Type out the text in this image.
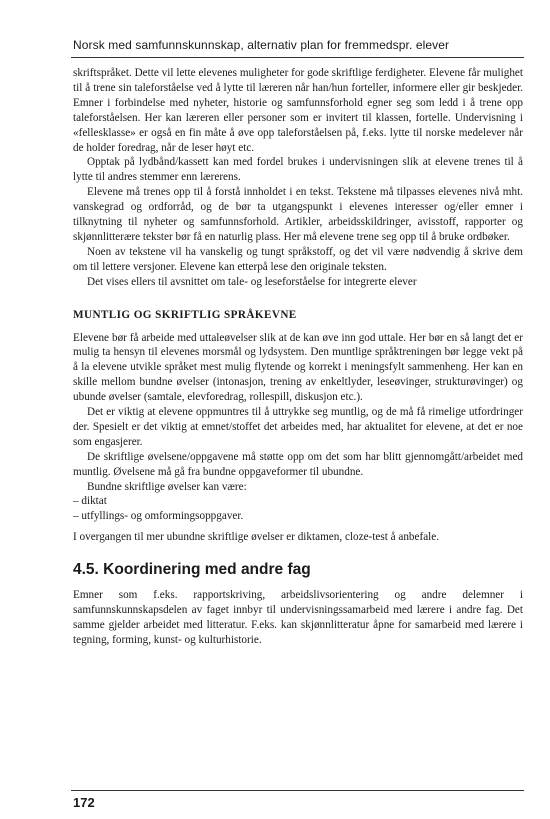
Norsk med samfunnskunnskap, alternativ plan for fremmedspr. elever

skriftspråket. Dette vil lette elevenes muligheter for gode skriftlige ferdigheter. Elevene får mulighet til å trene sin taleforståelse ved å lytte til læreren når han/hun forteller, informere eller gir beskjeder. Emner i forbindelse med nyheter, historie og samfunnsforhold egner seg som ledd i å trene opp taleforståelsen. Her kan læreren eller personer som er invitert til klassen, fortelle. Undervisning i «fellesklasse» er også en fin måte å øve opp taleforståelsen på, f.eks. lytte til norske medelever når de holder foredrag, når de leser høyt etc.

Opptak på lydbånd/kassett kan med fordel brukes i undervisningen slik at elevene trenes til å lytte til andres stemmer enn lærerens.

Elevene må trenes opp til å forstå innholdet i en tekst. Tekstene må tilpasses elevenes nivå mht. vanskegrad og ordforråd, og de bør ta utgangspunkt i elevenes interesser og/eller emner i tilknytning til nyheter og samfunnsforhold. Artikler, arbeidsskildringer, avisstoff, rapporter og skjønnlitterære tekster bør få en naturlig plass. Her må elevene trene seg opp til å bruke ordbøker.

Noen av tekstene vil ha vanskelig og tungt språkstoff, og det vil være nødvendig å skrive dem om til lettere versjoner. Elevene kan etterpå lese den originale teksten.

Det vises ellers til avsnittet om tale- og leseforståelse for integrerte elever

MUNTLIG OG SKRIFTLIG SPRÅKEVNE

Elevene bør få arbeide med uttaleøvelser slik at de kan øve inn god uttale. Her bør en så langt det er mulig ta hensyn til elevenes morsmål og lydsystem. Den muntlige språktreningen bør legge vekt på å la elevene utvikle språket mest mulig flytende og korrekt i meningsfylt sammenheng. Her kan en skille mellom bundne øvelser (intonasjon, trening av enkeltlyder, leseøvinger, strukturøvinger) og ubunde øvelser (samtale, elevforedrag, rollespill, diskusjon etc.).

Det er viktig at elevene oppmuntres til å uttrykke seg muntlig, og de må få rimelige utfordringer der. Spesielt er det viktig at emnet/stoffet det arbeides med, har aktualitet for elevene, at det er noe som engasjerer.

De skriftlige øvelsene/oppgavene må støtte opp om det som har blitt gjennomgått/arbeidet med muntlig. Øvelsene må gå fra bundne oppgaveformer til ubundne.

Bundne skriftlige øvelser kan være:

– diktat
– utfyllings- og omformingsoppgaver.

I overgangen til mer ubundne skriftlige øvelser er diktamen, cloze-test å anbefale.

4.5. Koordinering med andre fag

Emner som f.eks. rapportskriving, arbeidslivsorientering og andre delemner i samfunnskunnskapsdelen av faget innbyr til undervisningssamarbeid med lærere i andre fag. Det samme gjelder arbeidet med litteratur. F.eks. kan skjønnlitteratur åpne for samarbeid med lærere i tegning, forming, kunst- og kulturhistorie.

172
